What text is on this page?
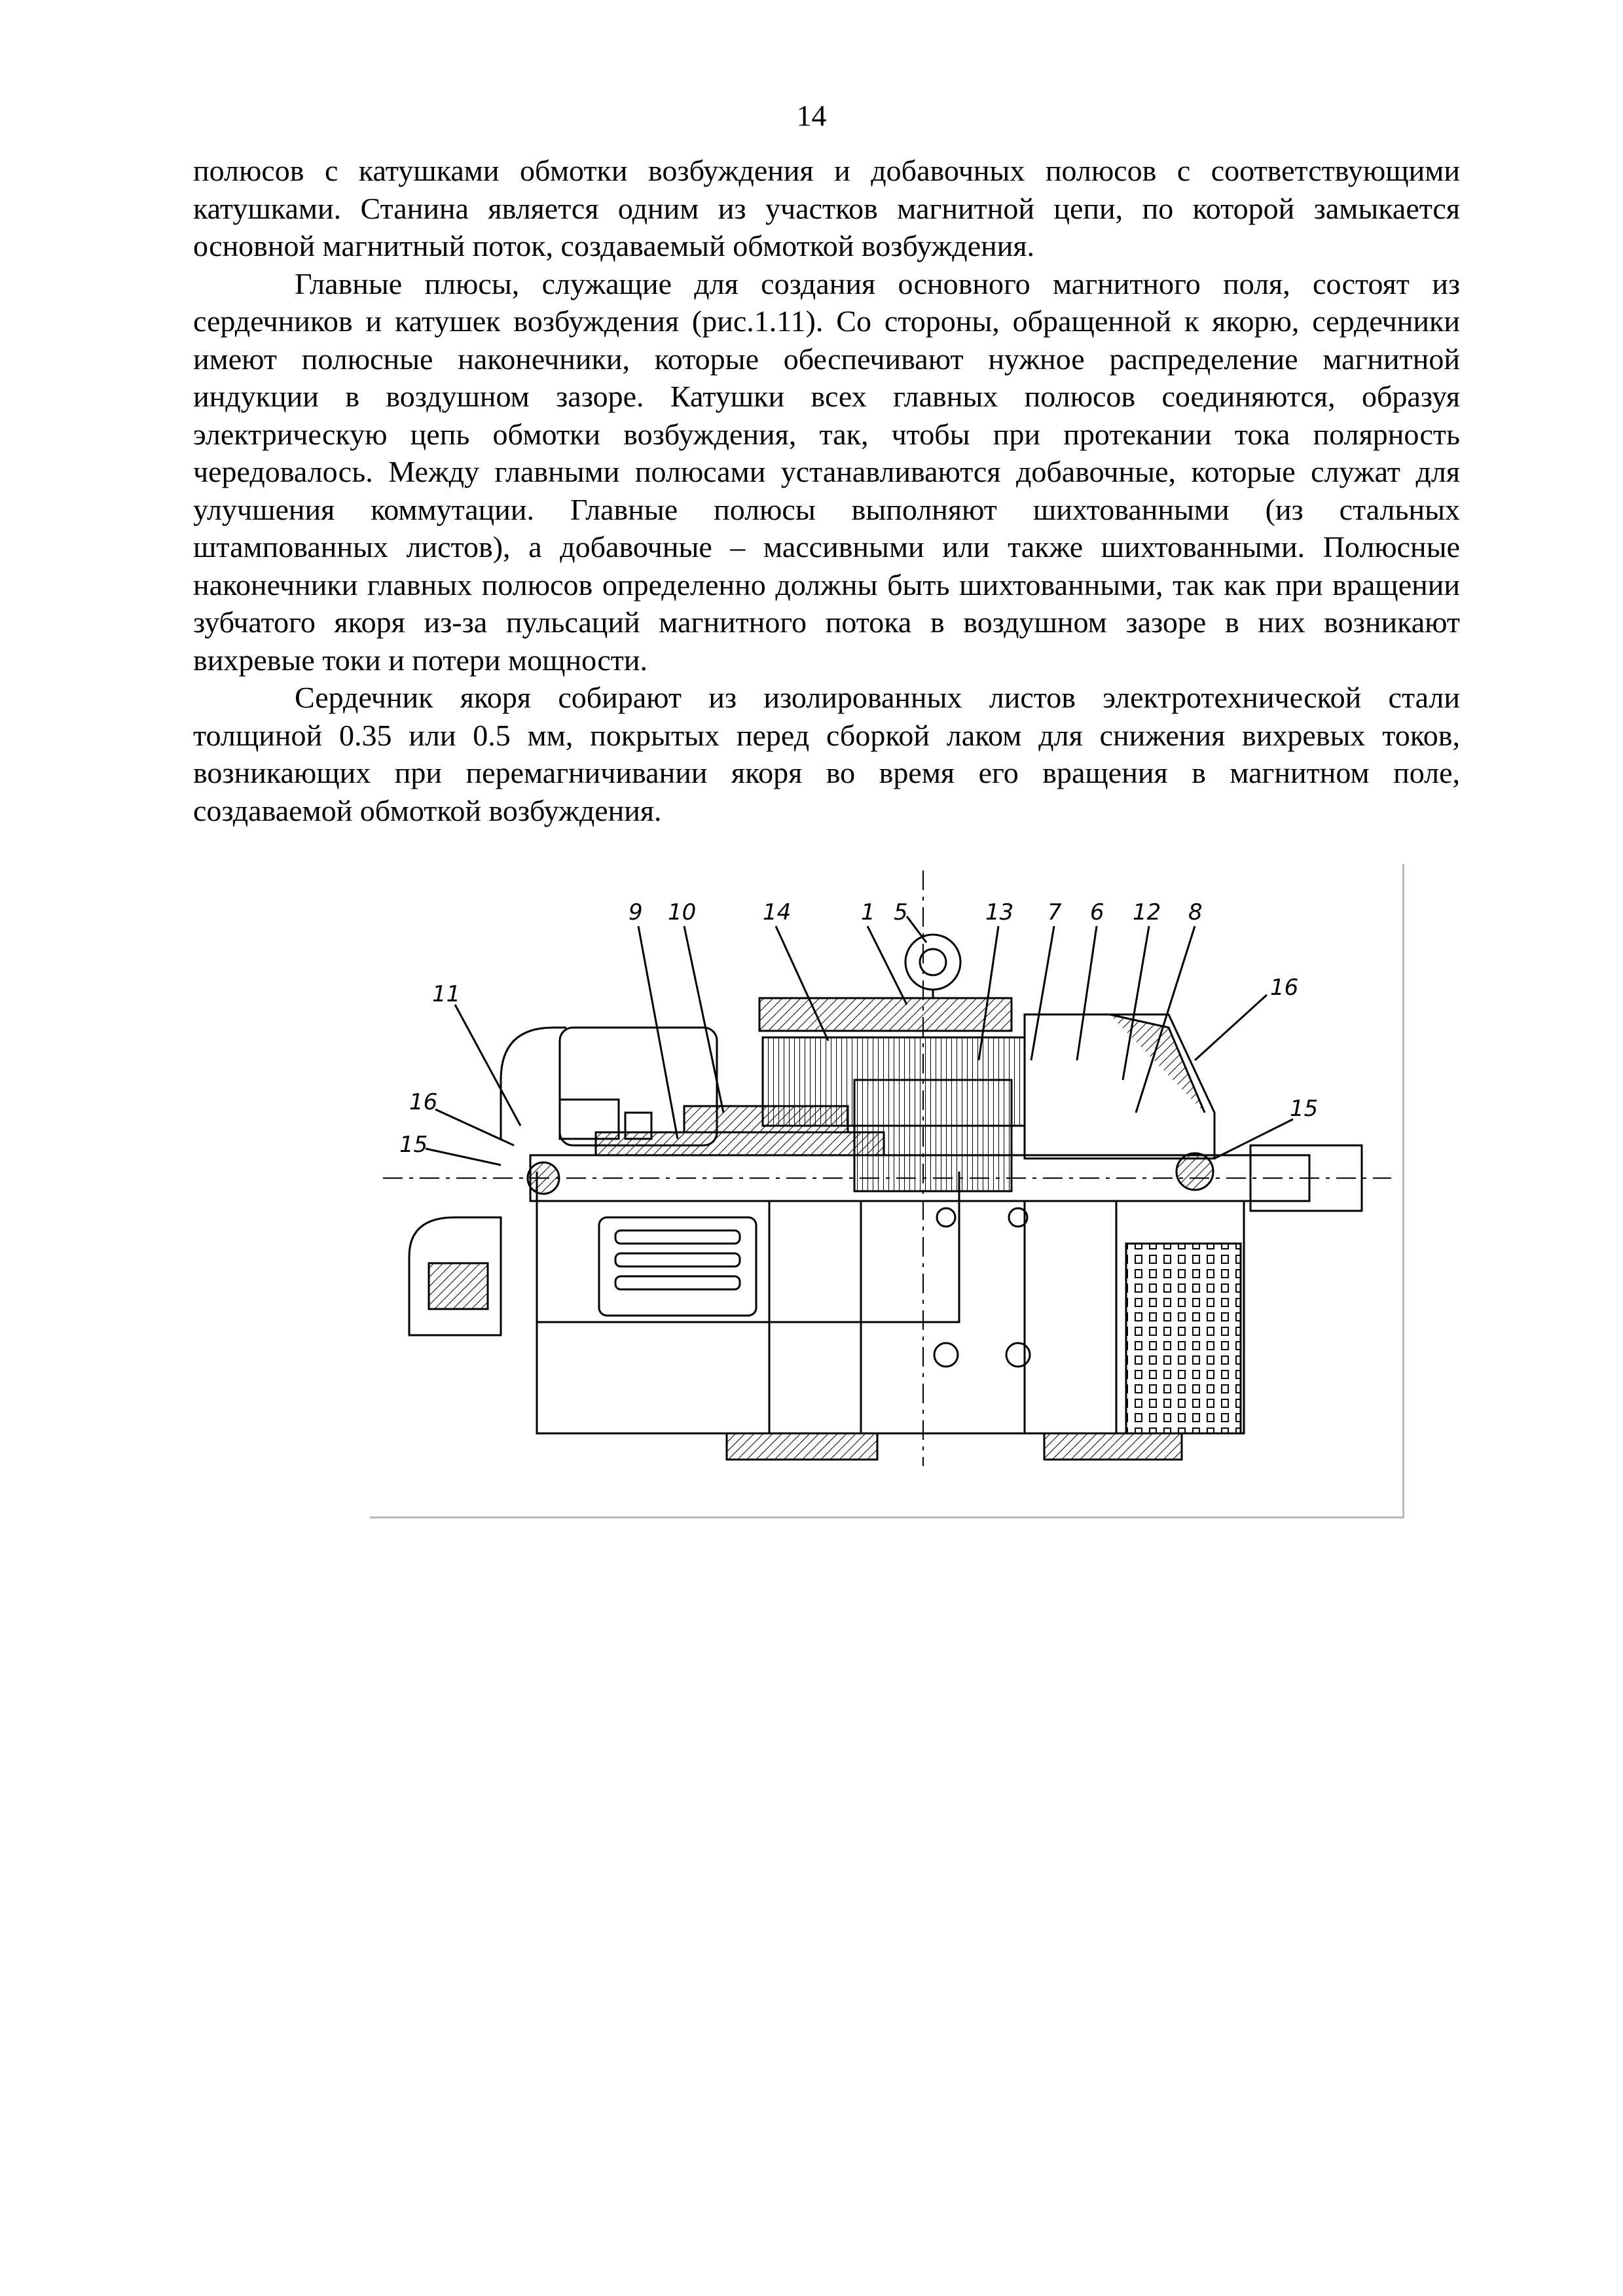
14

полюсов с катушками обмотки возбуждения и добавочных полюсов с соответствующими катушками. Станина является одним из участков магнитной цепи, по которой замыкается основной магнитный поток, создаваемый обмоткой возбуждения.

Главные плюсы, служащие для создания основного магнитного поля, состоят из сердечников и катушек возбуждения (рис.1.11). Со стороны, обращенной к якорю, сердечники имеют полюсные наконечники, которые обеспечивают нужное распределение магнитной индукции в воздушном зазоре. Катушки всех главных полюсов соединяются, образуя электрическую цепь обмотки возбуждения, так, чтобы при протекании тока полярность чередовалось. Между главными полюсами устанавливаются добавочные, которые служат для улучшения коммутации. Главные полюсы выполняют шихтованными (из стальных штампованных листов), а добавочные – массивными или также шихтованными. Полюсные наконечники главных полюсов определенно должны быть шихтованными, так как при вращении зубчатого якоря из-за пульсаций магнитного потока в воздушном зазоре в них возникают вихревые токи и потери мощности.

Сердечник якоря собирают из изолированных листов электротехнической стали толщиной 0.35 или 0.5 мм, покрытых перед сборкой лаком для снижения вихревых токов, возникающих при перемагничивании якоря во время его вращения в магнитном поле, создаваемой обмоткой возбуждения.

9 10	14	1 5	13 7 6 12 8
11
16
15
16
15
